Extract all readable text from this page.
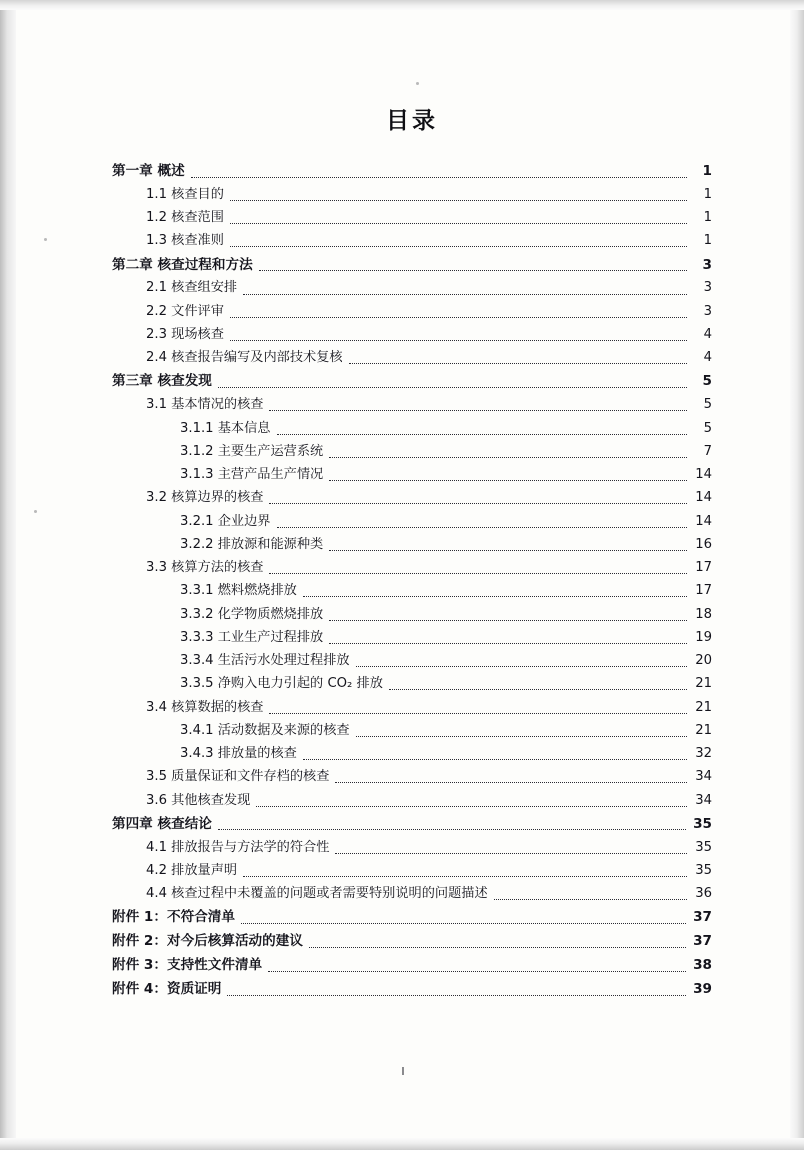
目录
第一章 概述	1
1.1 核查目的	1
1.2 核查范围	1
1.3 核查准则	1
第二章 核查过程和方法	3
2.1 核查组安排	3
2.2 文件评审	3
2.3 现场核查	4
2.4 核查报告编写及内部技术复核	4
第三章 核查发现	5
3.1 基本情况的核查	5
3.1.1 基本信息	5
3.1.2 主要生产运营系统	7
3.1.3 主营产品生产情况	14
3.2 核算边界的核查	14
3.2.1 企业边界	14
3.2.2 排放源和能源种类	16
3.3 核算方法的核查	17
3.3.1 燃料燃烧排放	17
3.3.2 化学物质燃烧排放	18
3.3.3 工业生产过程排放	19
3.3.4 生活污水处理过程排放	20
3.3.5 净购入电力引起的 CO₂ 排放	21
3.4 核算数据的核查	21
3.4.1 活动数据及来源的核查	21
3.4.3 排放量的核查	32
3.5 质量保证和文件存档的核查	34
3.6 其他核查发现	34
第四章 核查结论	35
4.1 排放报告与方法学的符合性	35
4.2 排放量声明	35
4.4 核查过程中未覆盖的问题或者需要特别说明的问题描述	36
附件 1：不符合清单	37
附件 2：对今后核算活动的建议	37
附件 3：支持性文件清单	38
附件 4：资质证明	39
I
